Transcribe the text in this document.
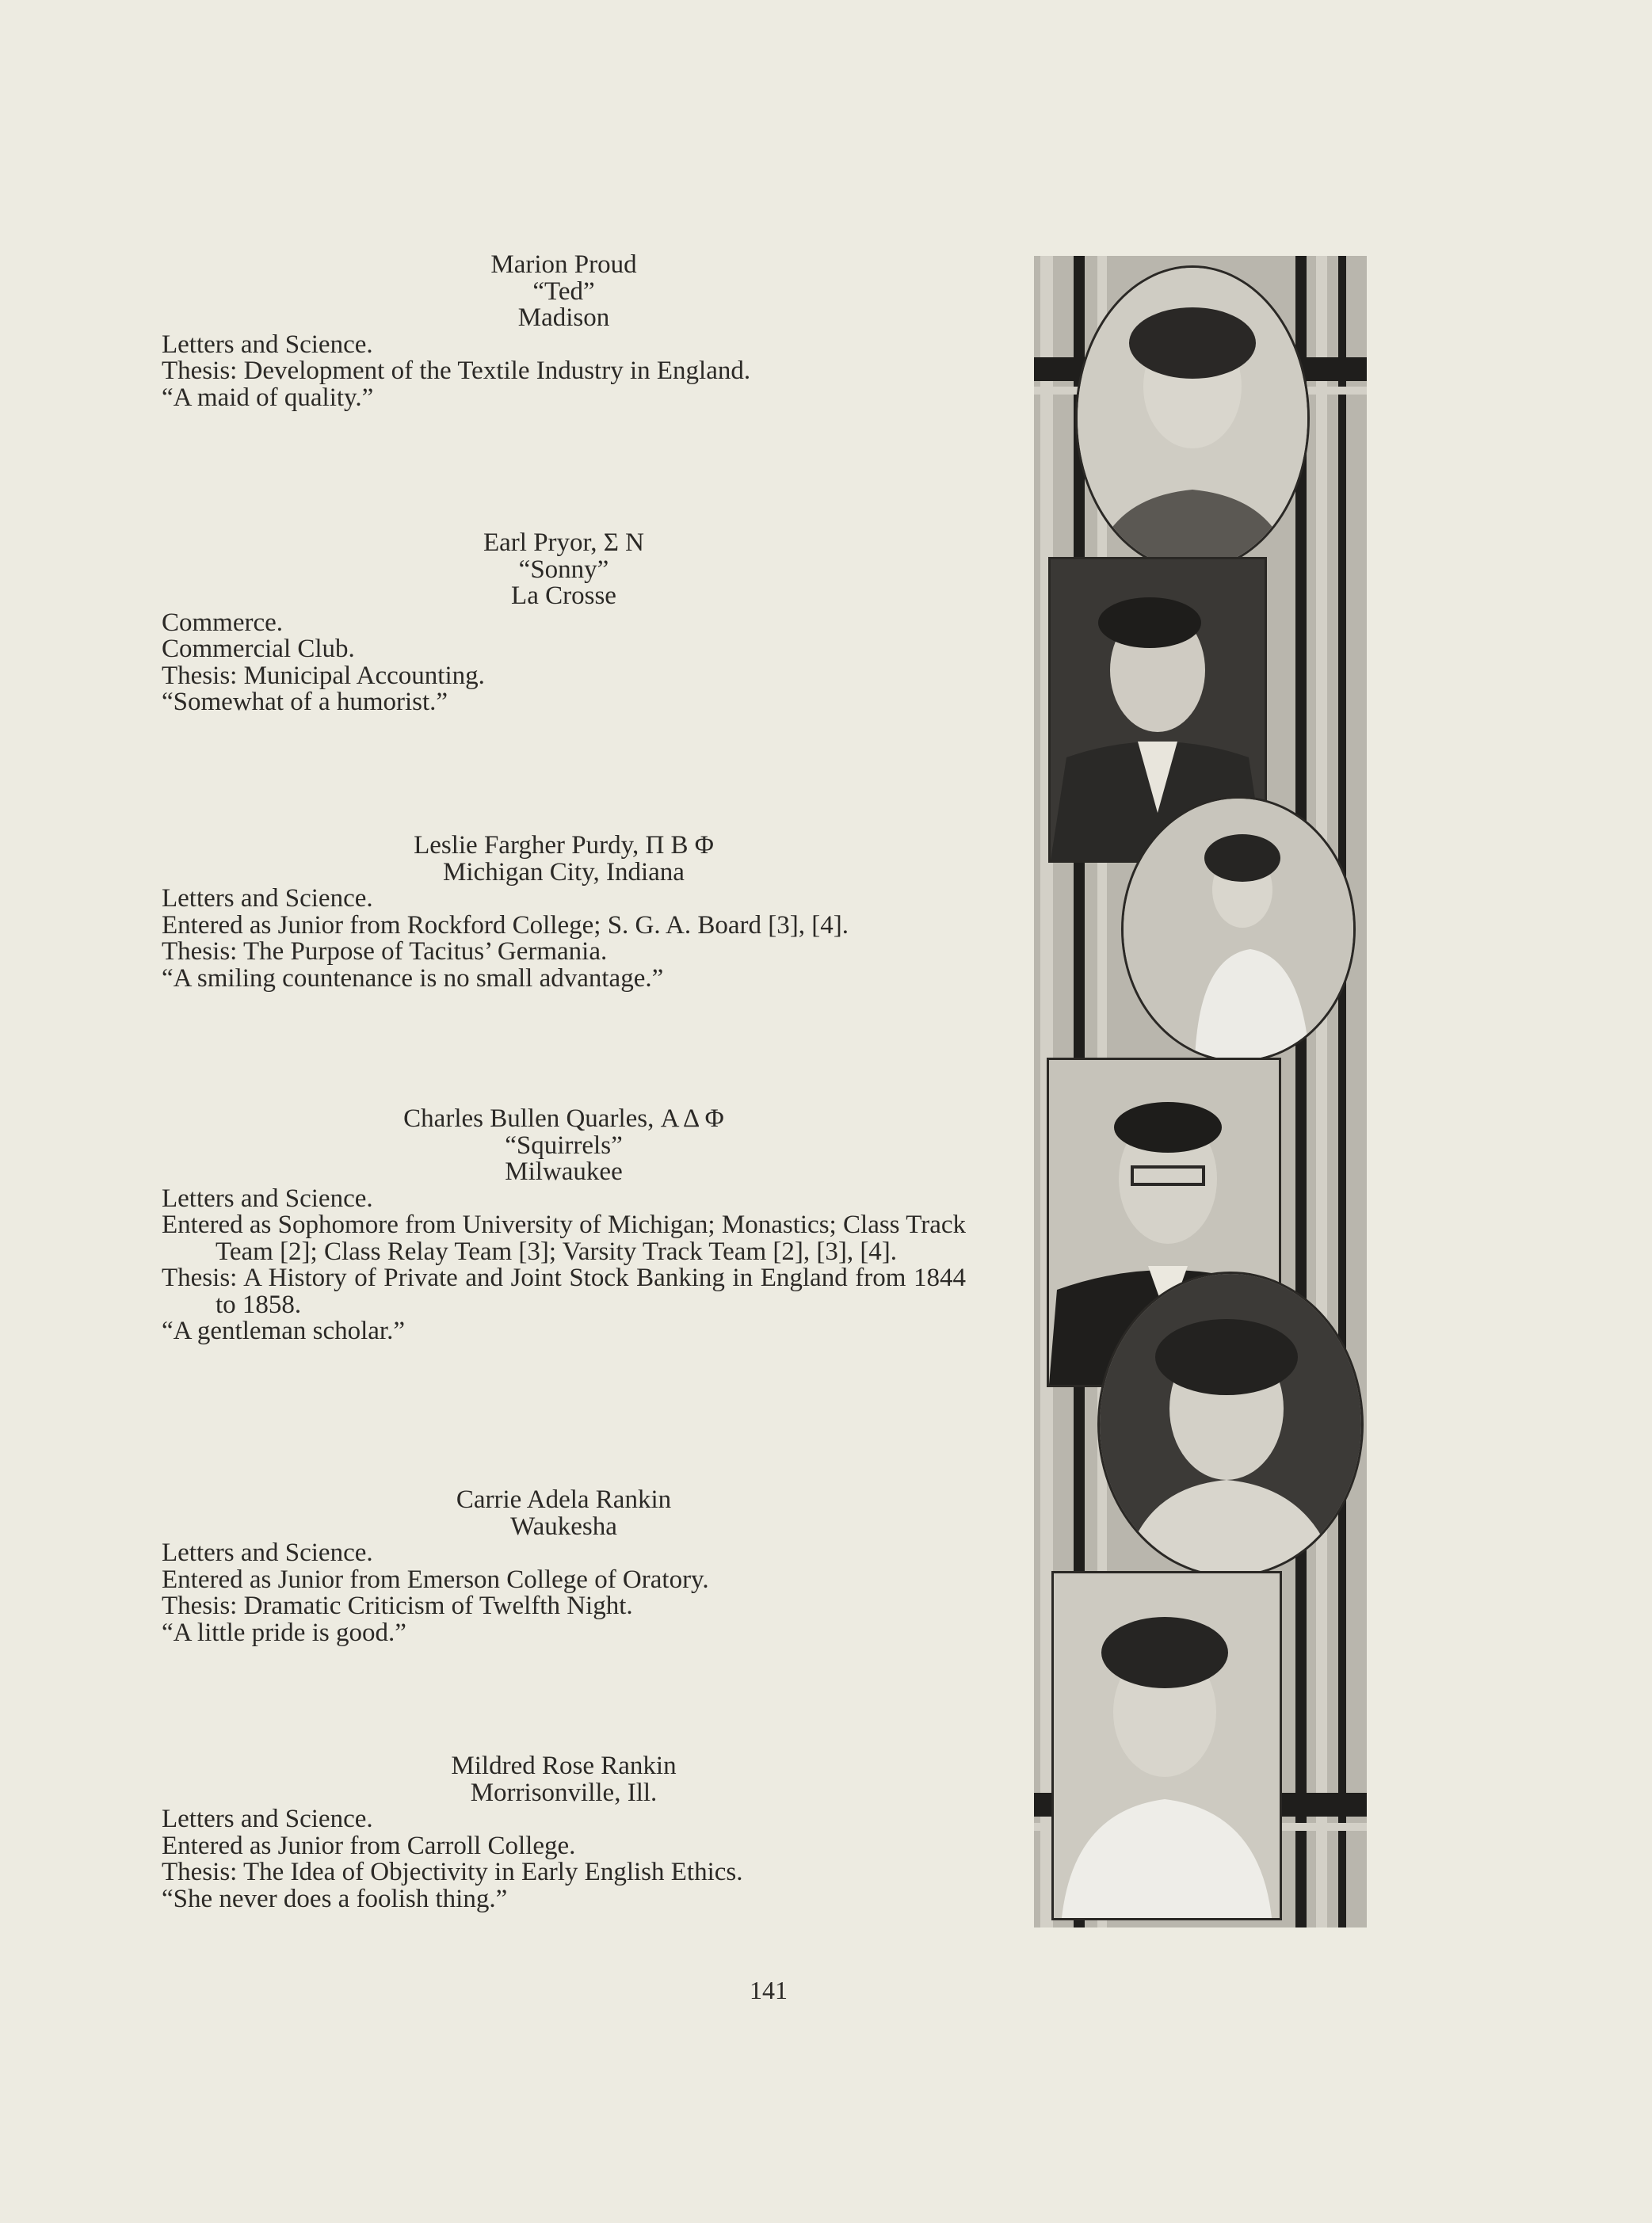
Marion Proud
“Ted”
Madison
Letters and Science.
Thesis: Development of the Textile Industry in England.
“A maid of quality.”
Earl Pryor, Σ N
“Sonny”
La Crosse
Commerce.
Commercial Club.
Thesis: Municipal Accounting.
“Somewhat of a humorist.”
Leslie Fargher Purdy, Π Β Φ
Michigan City, Indiana
Letters and Science.
Entered as Junior from Rockford College; S. G. A. Board [3], [4].
Thesis: The Purpose of Tacitus’ Germania.
“A smiling countenance is no small advantage.”
Charles Bullen Quarles, Α Δ Φ
“Squirrels”
Milwaukee
Letters and Science.
Entered as Sophomore from University of Michigan; Monastics; Class Track Team [2]; Class Relay Team [3]; Varsity Track Team [2], [3], [4].
Thesis: A History of Private and Joint Stock Banking in England from 1844 to 1858.
“A gentleman scholar.”
Carrie Adela Rankin
Waukesha
Letters and Science.
Entered as Junior from Emerson College of Oratory.
Thesis: Dramatic Criticism of Twelfth Night.
“A little pride is good.”
Mildred Rose Rankin
Morrisonville, Ill.
Letters and Science.
Entered as Junior from Carroll College.
Thesis: The Idea of Objectivity in Early English Ethics.
“She never does a foolish thing.”
141
